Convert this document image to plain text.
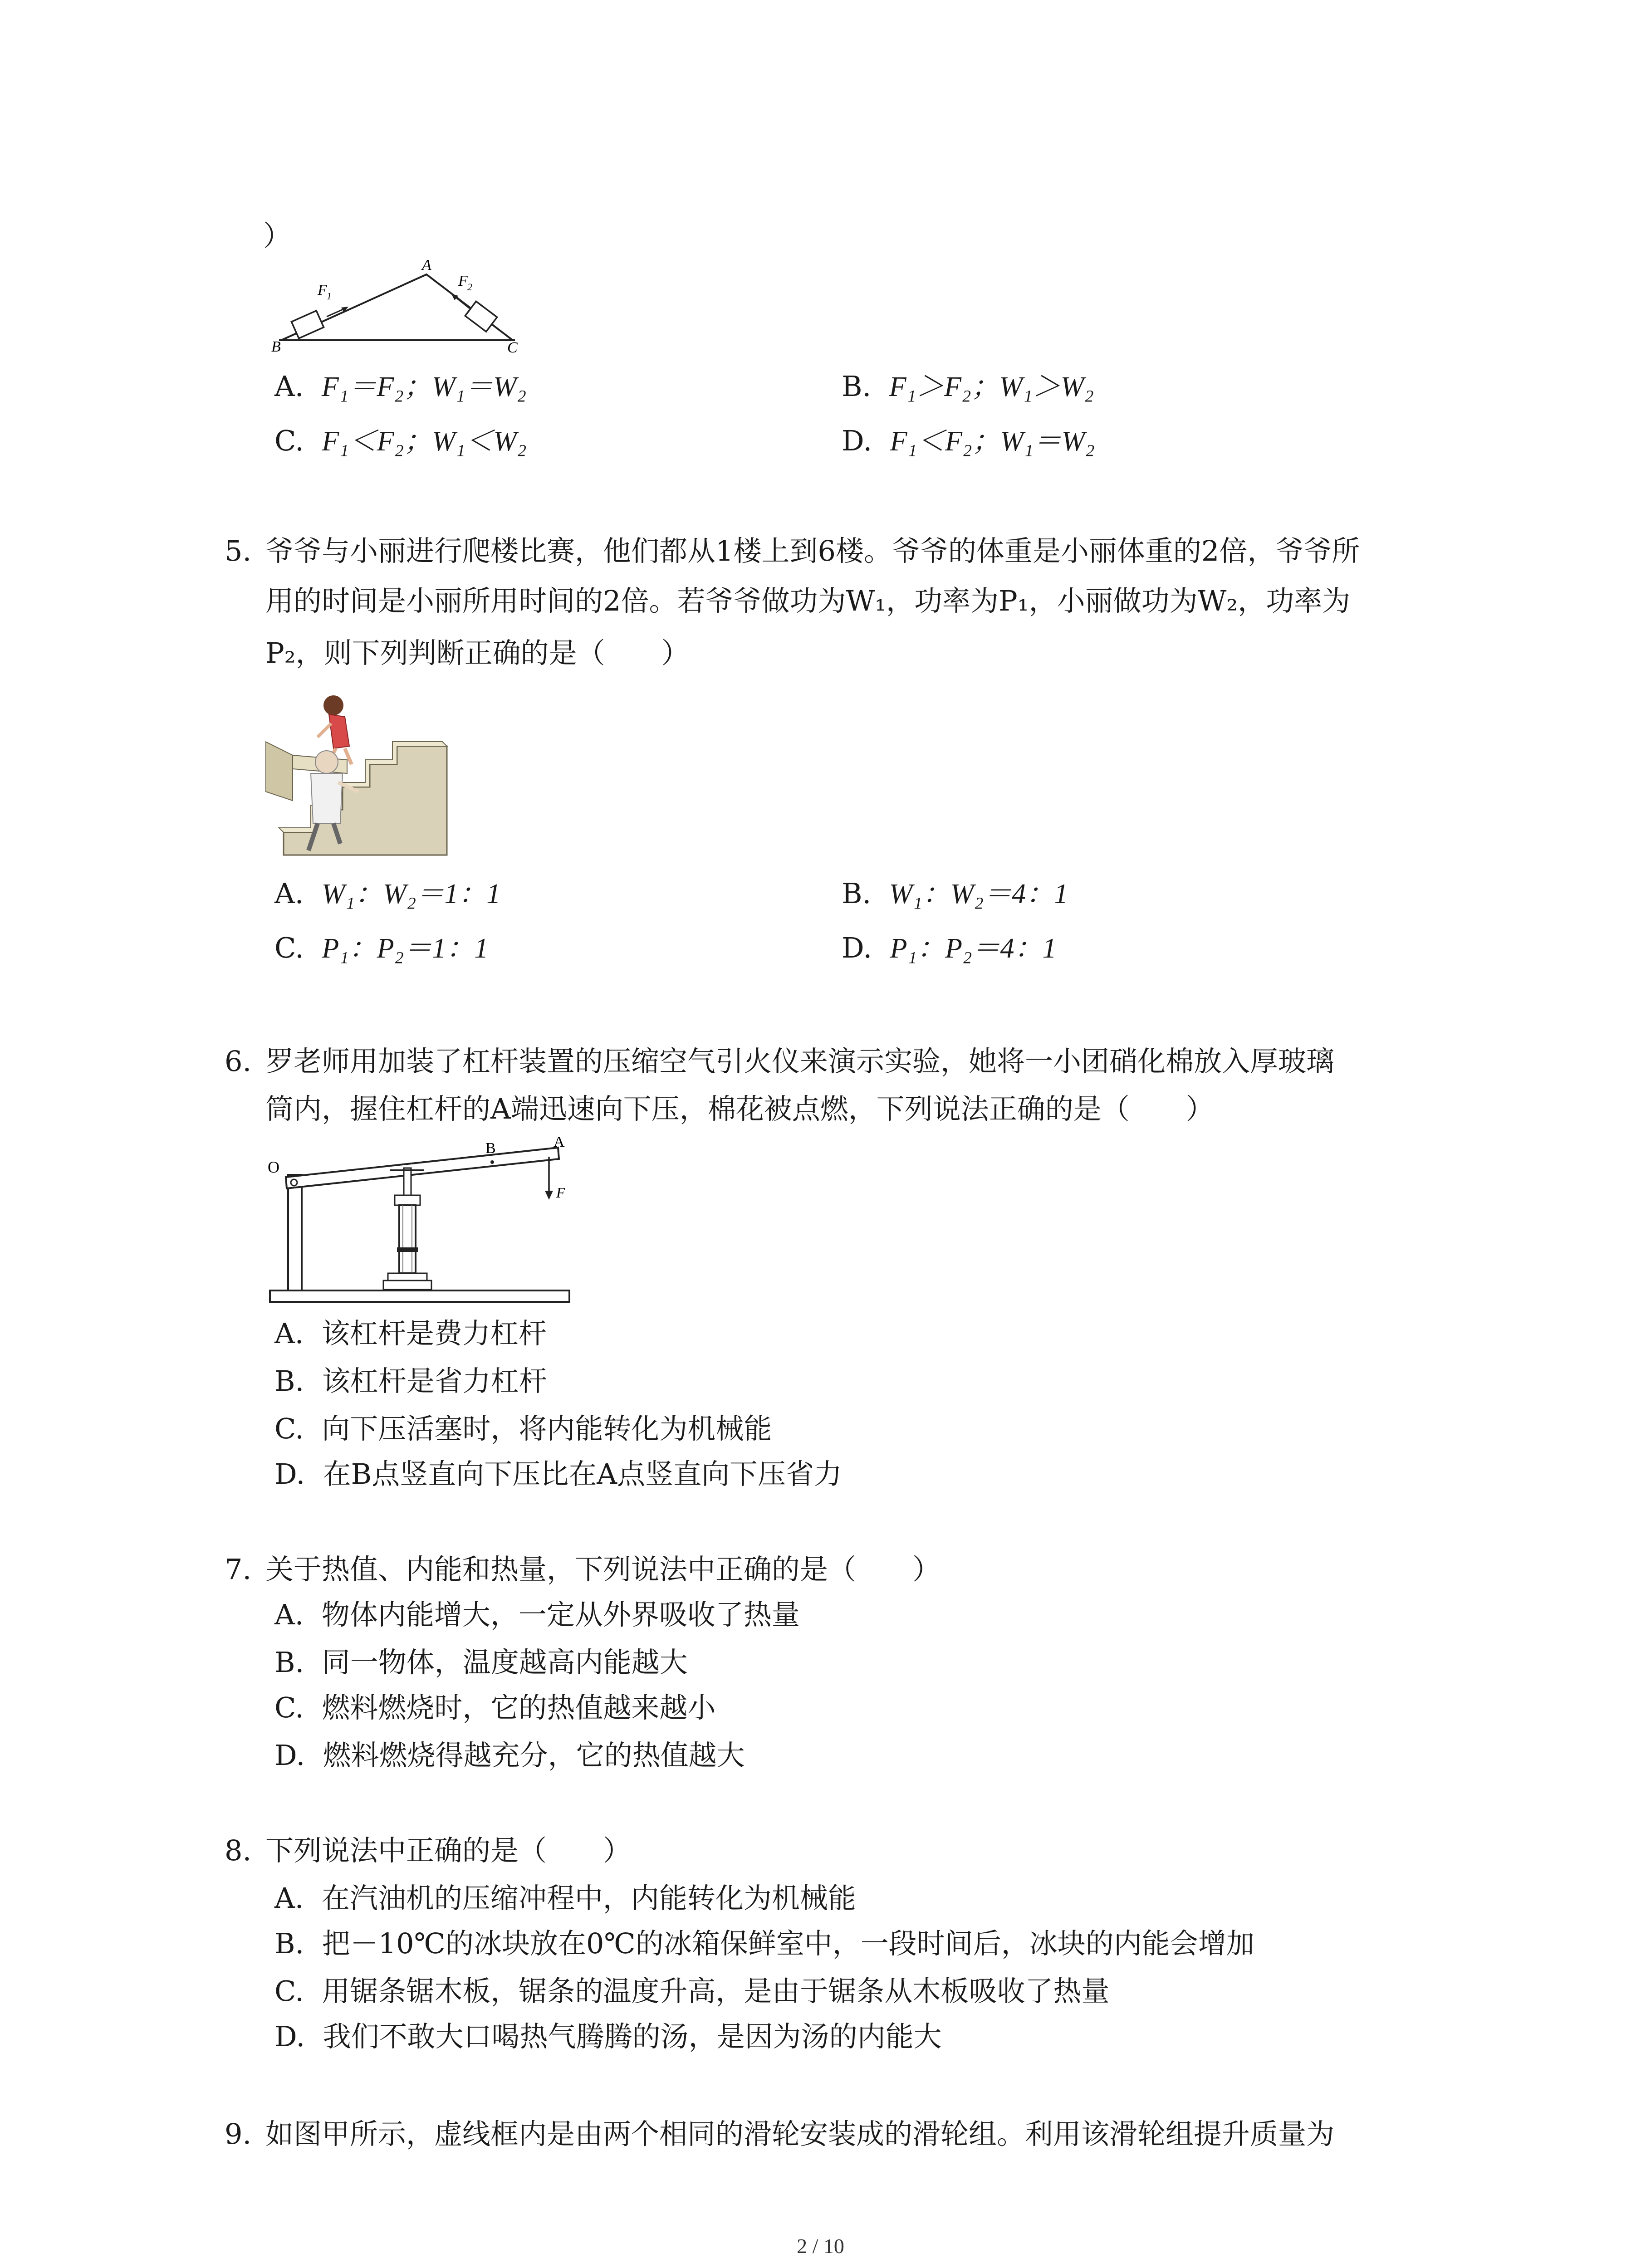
）
B
A
C
F 1
F 2
A. F₁＝F₂；W₁＝W₂	B. F₁＞F₂；W₁＞W₂
C. F₁＜F₂；W₁＜W₂	D. F₁＜F₂；W₁＝W₂
5. 爷爷与小丽进行爬楼比赛，他们都从1楼上到6楼。爷爷的体重是小丽体重的2倍，爷爷所
用的时间是小丽所用时间的2倍。若爷爷做功为W₁，功率为P₁，小丽做功为W₂，功率为
P₂，则下列判断正确的是（　　）
A. W₁：W₂＝1：1	B. W₁：W₂＝4：1
C. P₁：P₂＝1：1	D. P₁：P₂＝4：1
6. 罗老师用加装了杠杆装置的压缩空气引火仪来演示实验，她将一小团硝化棉放入厚玻璃
筒内，握住杠杆的A端迅速向下压，棉花被点燃，下列说法正确的是（　　）
O
B	A
F
A. 该杠杆是费力杠杆
B. 该杠杆是省力杠杆
C. 向下压活塞时，将内能转化为机械能
D. 在B点竖直向下压比在A点竖直向下压省力
7. 关于热值、内能和热量，下列说法中正确的是（　　）
A. 物体内能增大，一定从外界吸收了热量
B. 同一物体，温度越高内能越大
C. 燃料燃烧时，它的热值越来越小
D. 燃料燃烧得越充分，它的热值越大
8. 下列说法中正确的是（　　）
A. 在汽油机的压缩冲程中，内能转化为机械能
B. 把－10℃的冰块放在0℃的冰箱保鲜室中，一段时间后，冰块的内能会增加
C. 用锯条锯木板，锯条的温度升高，是由于锯条从木板吸收了热量
D. 我们不敢大口喝热气腾腾的汤，是因为汤的内能大
9. 如图甲所示，虚线框内是由两个相同的滑轮安装成的滑轮组。利用该滑轮组提升质量为
2 / 10
